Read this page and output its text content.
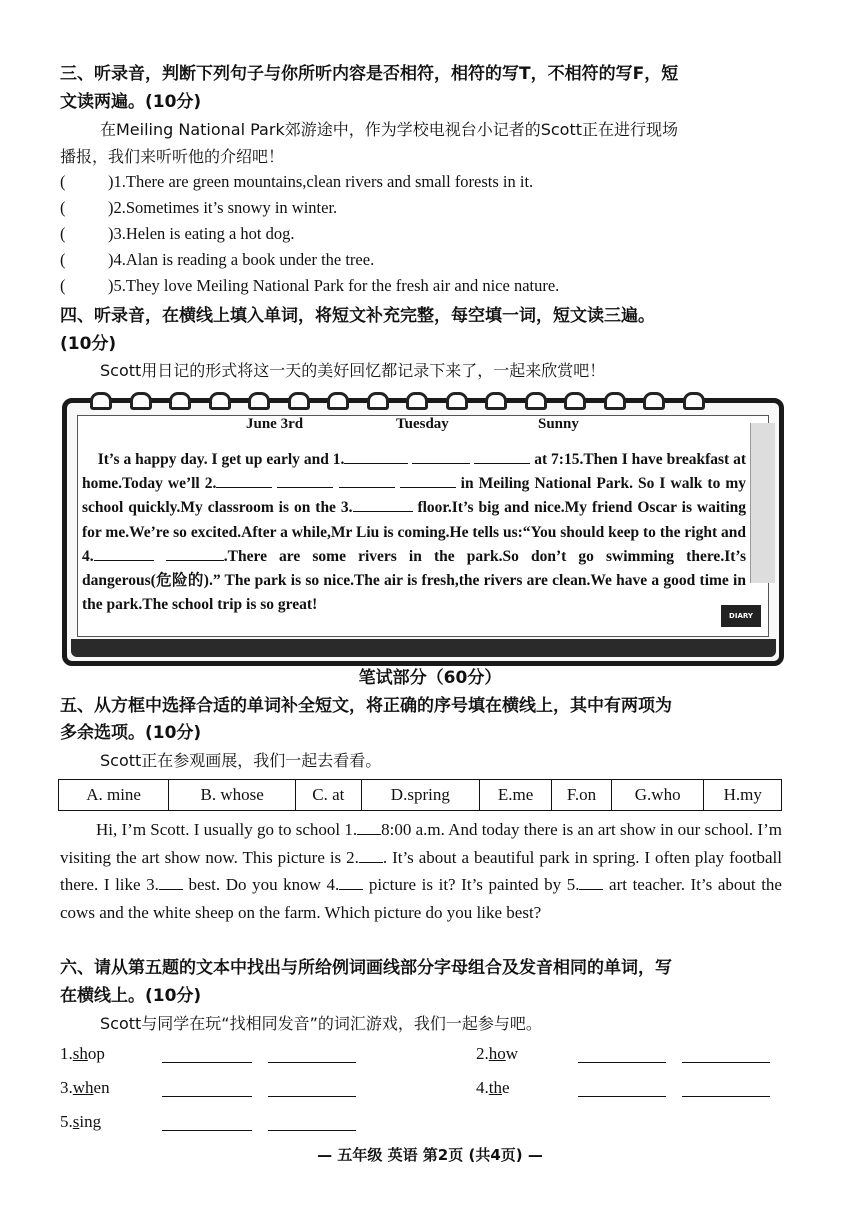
三、听录音，判断下列句子与你所听内容是否相符，相符的写T，不相符的写F，短
文读两遍。(10分)
在Meiling National Park郊游途中，作为学校电视台小记者的Scott正在进行现场
播报，我们来听听他的介绍吧！
(	)1.There are green mountains,clean rivers and small forests in it.
(	)2.Sometimes it’s snowy in winter.
(	)3.Helen is eating a hot dog.
(	)4.Alan is reading a book under the tree.
(	)5.They love Meiling National Park for the fresh air and nice nature.
四、听录音，在横线上填入单词，将短文补充完整，每空填一词，短文读三遍。
(10分)
Scott用日记的形式将这一天的美好回忆都记录下来了，一起来欣赏吧！
DIARY
June 3rd	Tuesday	Sunny
It’s a happy day. I get up early and 1.	at 7:15.Then I have breakfast at home.Today we’ll 2.	in Meiling National Park. So I walk to my school quickly.My classroom is on the 3.	floor.It’s big and nice.My friend Oscar is waiting for me.We’re so excited.After a while,Mr Liu is coming.He tells us:“You should keep to the right and 4.	.There are some rivers in the park.So don’t go swimming there.It’s dangerous(危险的).” The park is so nice.The air is fresh,the rivers are clean.We have a good time in the park.The school trip is so great!
笔试部分（60分）
五、从方框中选择合适的单词补全短文，将正确的序号填在横线上，其中有两项为
多余选项。(10分)
Scott正在参观画展，我们一起去看看。
A. mine	B. whose	C. at	D.spring	E.me	F.on	G.who	H.my
Hi, I’m Scott. I usually go to school 1. 8:00 a.m. And today there is an art show in our school. I’m visiting the art show now. This picture is 2. . It’s about a beautiful park in spring. I often play football there. I like 3. best. Do you know 4. picture is it? It’s painted by 5. art teacher. It’s about the cows and the white sheep on the farm. Which picture do you like best?
六、请从第五题的文本中找出与所给例词画线部分字母组合及发音相同的单词，写
在横线上。(10分)
Scott与同学在玩“找相同发音”的词汇游戏，我们一起参与吧。
1.shop	2.how
3.when	4.the
5.sing
— 五年级 英语 第2页 (共4页) —
